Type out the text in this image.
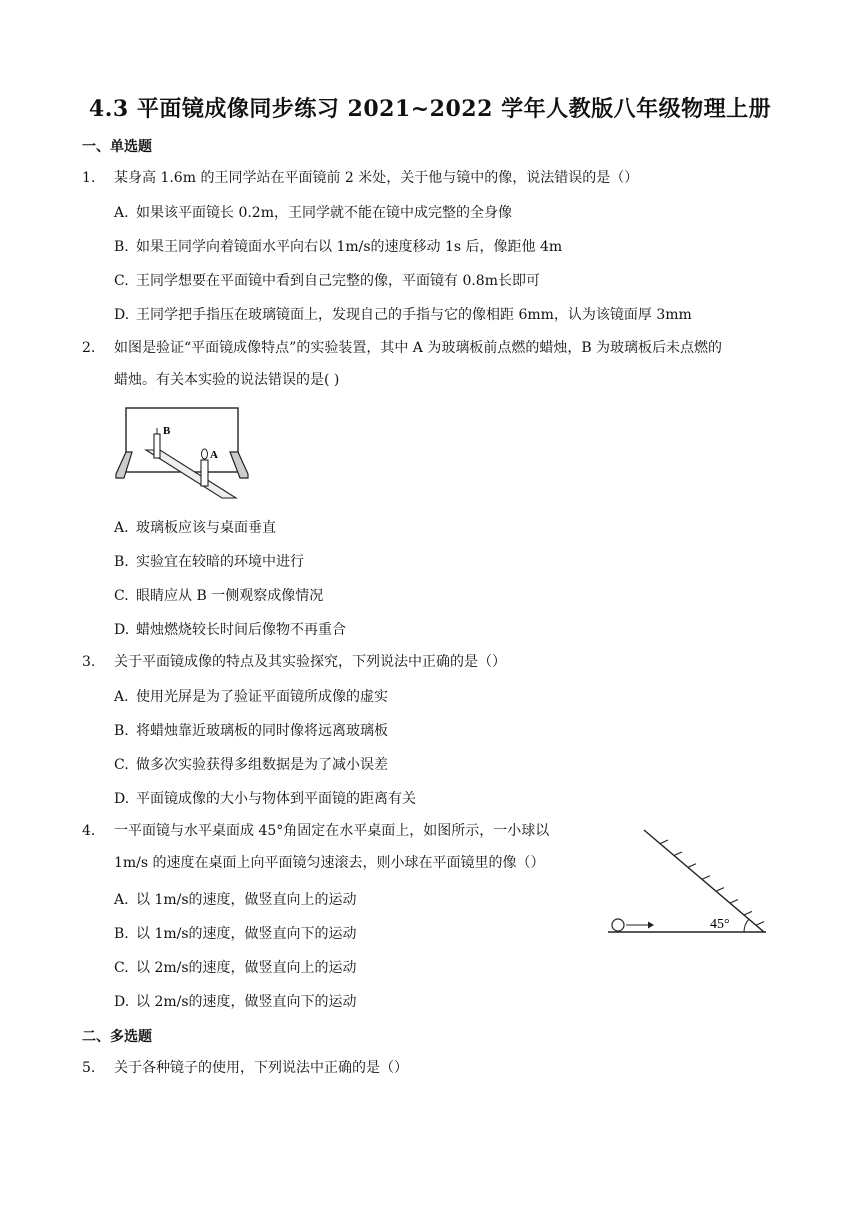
4.3 平面镜成像同步练习 2021~2022 学年人教版八年级物理上册
一、单选题
1. 某身高 1.6m 的王同学站在平面镜前 2 米处，关于他与镜中的像，说法错误的是（）
A. 如果该平面镜长 0.2m，王同学就不能在镜中成完整的全身像
B. 如果王同学向着镜面水平向右以 1m/s的速度移动 1s 后，像距他 4m
C. 王同学想要在平面镜中看到自己完整的像，平面镜有 0.8m长即可
D. 王同学把手指压在玻璃镜面上，发现自己的手指与它的像相距 6mm，认为该镜面厚 3mm
2. 如图是验证“平面镜成像特点”的实验装置，其中 A 为玻璃板前点燃的蜡烛，B 为玻璃板后未点燃的
蜡烛。有关本实验的说法错误的是( )
B
A
A. 玻璃板应该与桌面垂直
B. 实验宜在较暗的环境中进行
C. 眼睛应从 B 一侧观察成像情况
D. 蜡烛燃烧较长时间后像物不再重合
3. 关于平面镜成像的特点及其实验探究，下列说法中正确的是（）
A. 使用光屏是为了验证平面镜所成像的虚实
B. 将蜡烛靠近玻璃板的同时像将远离玻璃板
C. 做多次实验获得多组数据是为了减小误差
D. 平面镜成像的大小与物体到平面镜的距离有关
4. 一平面镜与水平桌面成 45°角固定在水平桌面上，如图所示，一小球以
1m/s 的速度在桌面上向平面镜匀速滚去，则小球在平面镜里的像（）
45°
A. 以 1m/s的速度，做竖直向上的运动
B. 以 1m/s的速度，做竖直向下的运动
C. 以 2m/s的速度，做竖直向上的运动
D. 以 2m/s的速度，做竖直向下的运动
二、多选题
5. 关于各种镜子的使用，下列说法中正确的是（）
